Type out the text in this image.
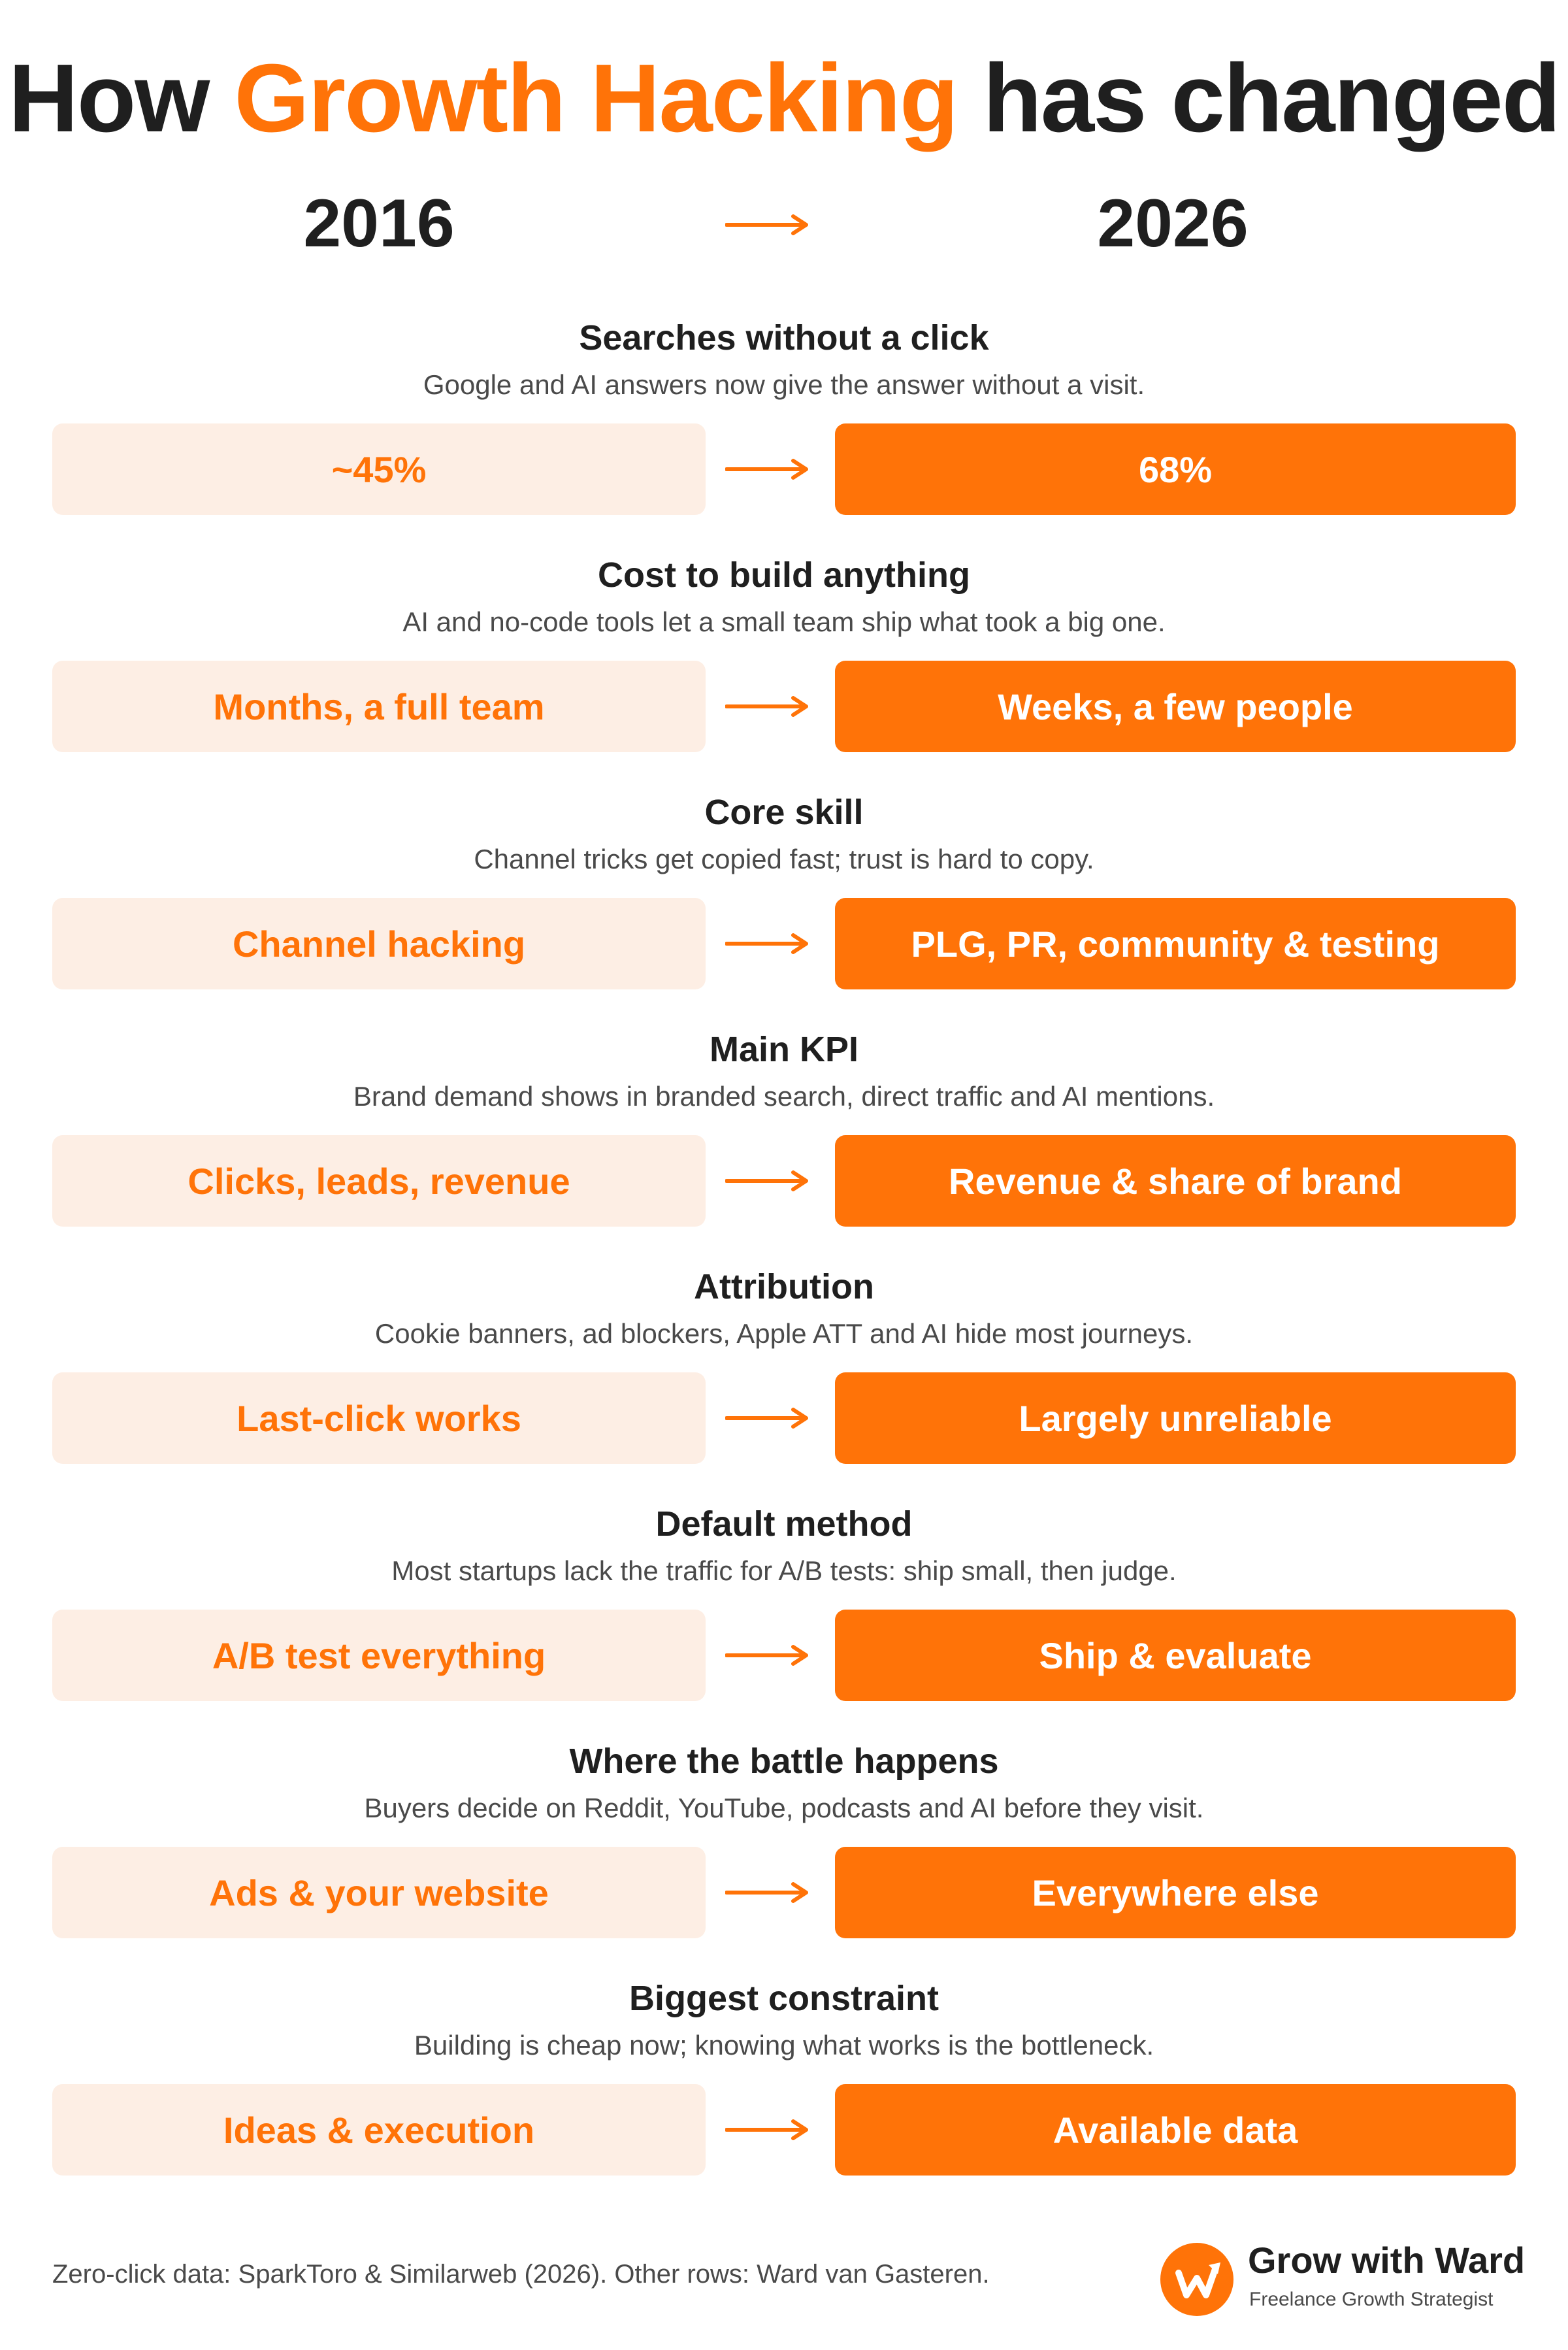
How Growth Hacking has changed
2016	2026
Searches without a click
Google and AI answers now give the answer without a visit.
~45%	68%
Cost to build anything
AI and no-code tools let a small team ship what took a big one.
Months, a full team	Weeks, a few people
Core skill
Channel tricks get copied fast; trust is hard to copy.
Channel hacking	PLG, PR, community & testing
Main KPI
Brand demand shows in branded search, direct traffic and AI mentions.
Clicks, leads, revenue	Revenue & share of brand
Attribution
Cookie banners, ad blockers, Apple ATT and AI hide most journeys.
Last-click works	Largely unreliable
Default method
Most startups lack the traffic for A/B tests: ship small, then judge.
A/B test everything	Ship & evaluate
Where the battle happens
Buyers decide on Reddit, YouTube, podcasts and AI before they visit.
Ads & your website	Everywhere else
Biggest constraint
Building is cheap now; knowing what works is the bottleneck.
Ideas & execution	Available data
Zero-click data: SparkToro & Similarweb (2026). Other rows: Ward van Gasteren.	Grow with Ward
Freelance Growth Strategist
